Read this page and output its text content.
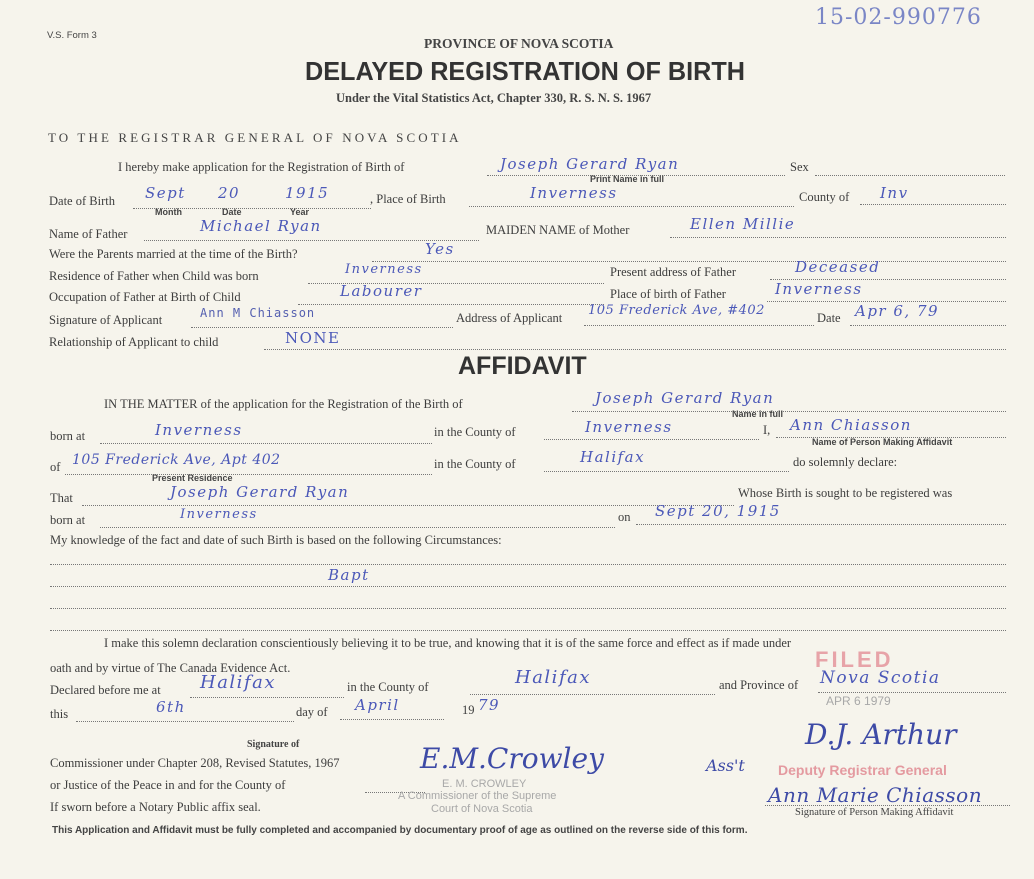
V.S. Form 3
15-02-990776
PROVINCE OF NOVA SCOTIA
DELAYED REGISTRATION OF BIRTH
Under the Vital Statistics Act, Chapter 330, R. S. N. S. 1967
TO THE REGISTRAR GENERAL OF NOVA SCOTIA
I hereby make application for the Registration of Birth of	Joseph Gerard Ryan
Print Name in full
Sex
Date of Birth Sept 20	1915
Month	Date	Year
, Place of Birth	Inverness	County of Inv
Name of Father	Michael Ryan	MAIDEN NAME of Mother	Ellen Millie
Were the Parents married at the time of the Birth?	Yes
Residence of Father when Child was born	Inverness	Present address of Father	Deceased
Occupation of Father at Birth of Child	Labourer	Place of birth of Father	Inverness
Signature of Applicant	Ann M Chiasson	Address of Applicant 105 Frederick Ave, #402	Date Apr 6, 79
Relationship of Applicant to child	NONE
AFFIDAVIT
IN THE MATTER of the application for the Registration of the Birth of	Joseph Gerard Ryan
Name in full
born at	Inverness	in the County of	Inverness	I, Ann Chiasson
Name of Person Making Affidavit
of 105 Frederick Ave, Apt 402
Present Residence
in the County of	Halifax	do solemnly declare:
That	Joseph Gerard Ryan	Whose Birth is sought to be registered was
born at	Inverness	on Sept 20, 1915
My knowledge of the fact and date of such Birth is based on the following Circumstances:
Bapt
I make this solemn declaration conscientiously believing it to be true, and knowing that it is of the same force and effect as if made under
oath and by virtue of The Canada Evidence Act.
Declared before me at Halifax	in the County of	Halifax	and Province of Nova Scotia
this	6th	day of April	19 79
Signature of
Commissioner under Chapter 208, Revised Statutes, 1967
or Justice of the Peace in and for the County of
If sworn before a Notary Public affix seal.
E.M.Crowley
E. M. CROWLEY
A Commissioner of the Supreme
Court of Nova Scotia
FILED
APR 6 1979
D.J. Arthur
Ass't Deputy Registrar General
Ann Marie Chiasson
Signature of Person Making Affidavit
This Application and Affidavit must be fully completed and accompanied by documentary proof of age as outlined on the reverse side of this form.
